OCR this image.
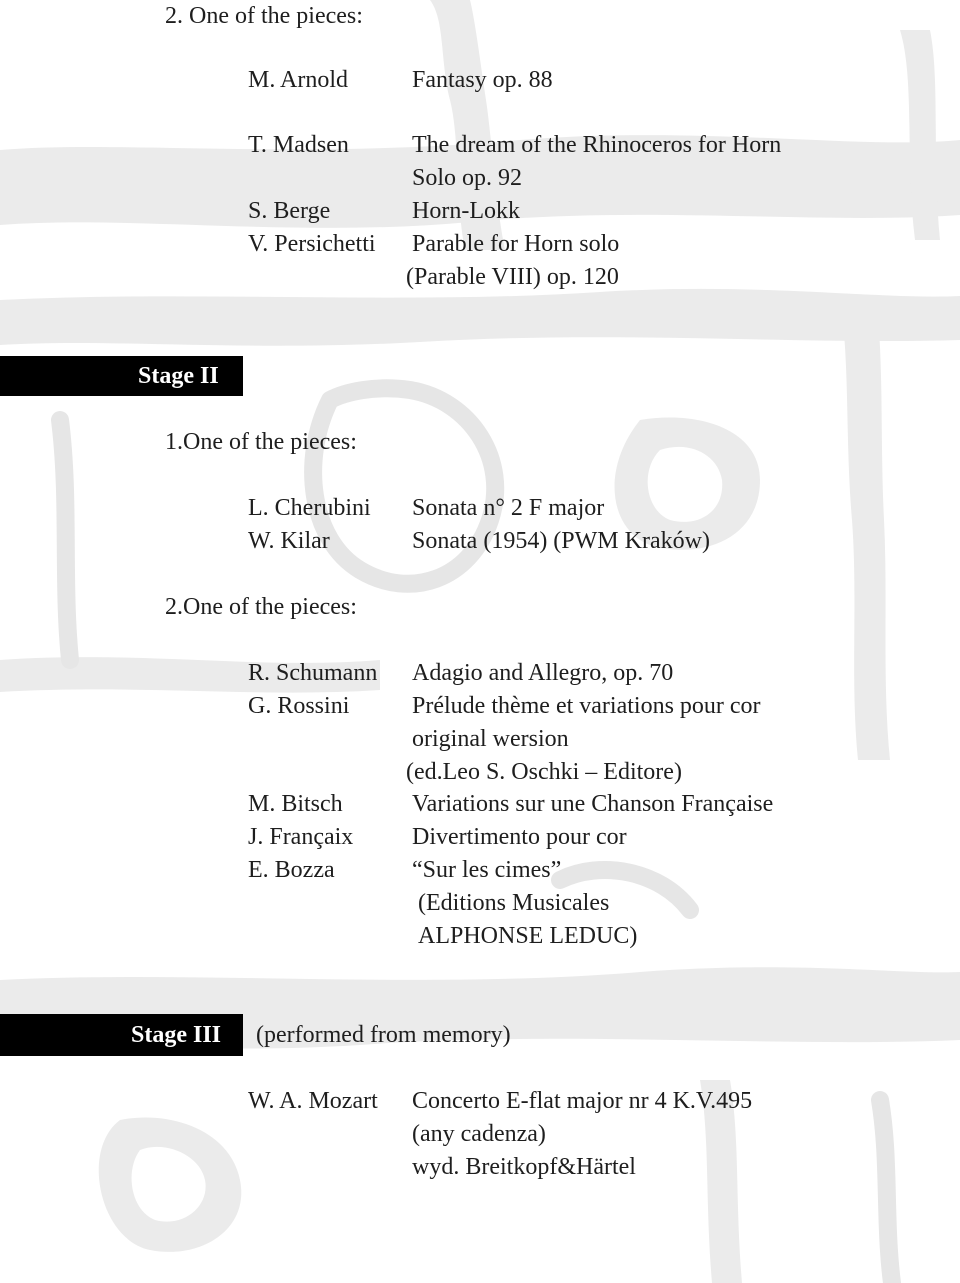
2. One of the pieces:
M. Arnold	Fantasy op. 88
T. Madsen	The dream of the Rhinoceros for Horn
Solo op. 92
S. Berge	Horn-Lokk
V. Persichetti Parable for Horn solo
(Parable VIII) op. 120
Stage II
1.One of the pieces:
L. Cherubini Sonata n° 2 F major
W. Kilar	Sonata (1954) (PWM Kraków)
2.One of the pieces:
R. Schumann Adagio and Allegro, op. 70
G. Rossini	Prélude thème et variations pour cor
original wersion
(ed.Leo S. Oschki – Editore)
M. Bitsch	Variations sur une Chanson Française
J. Françaix Divertimento pour cor
E. Bozza	“Sur les cimes”
(Editions Musicales
ALPHONSE LEDUC)
Stage III (performed from memory)
W. A. Mozart Concerto E-flat major nr 4 K.V.495
(any cadenza)
wyd. Breitkopf&Härtel
